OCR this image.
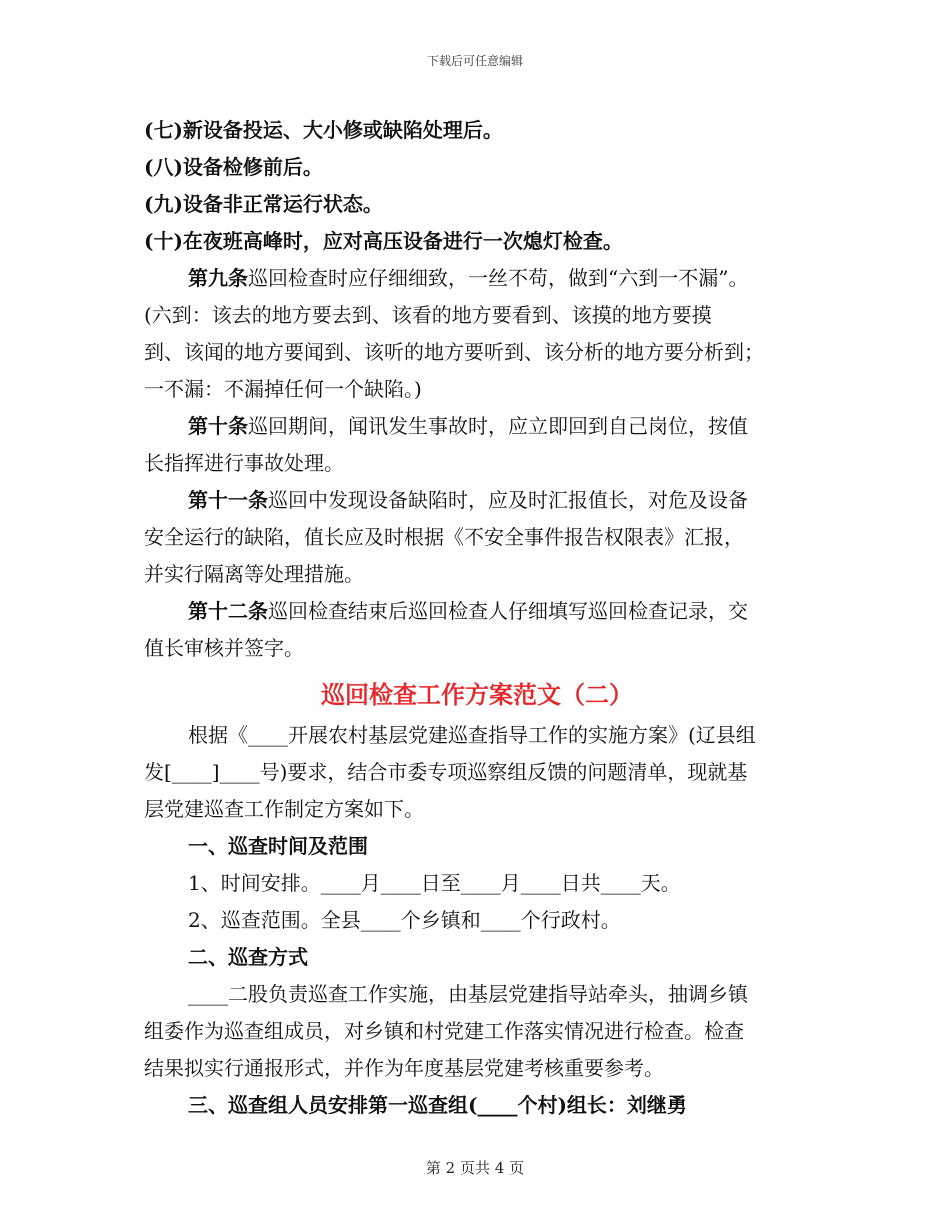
下载后可任意编辑
(七)新设备投运、大小修或缺陷处理后。
(八)设备检修前后。
(九)设备非正常运行状态。
(十)在夜班高峰时，应对高压设备进行一次熄灯检查。
第九条巡回检查时应仔细细致，一丝不苟，做到“六到一不漏”。
(六到：该去的地方要去到、该看的地方要看到、该摸的地方要摸
到、该闻的地方要闻到、该听的地方要听到、该分析的地方要分析到；
一不漏：不漏掉任何一个缺陷。)
第十条巡回期间，闻讯发生事故时，应立即回到自己岗位，按值
长指挥进行事故处理。
第十一条巡回中发现设备缺陷时，应及时汇报值长，对危及设备
安全运行的缺陷，值长应及时根据《不安全事件报告权限表》汇报，
并实行隔离等处理措施。
第十二条巡回检查结束后巡回检查人仔细填写巡回检查记录，交
值长审核并签字。
巡回检查工作方案范文（二）
根据《____开展农村基层党建巡查指导工作的实施方案》(辽县组
发[____]____号)要求，结合市委专项巡察组反馈的问题清单，现就基
层党建巡查工作制定方案如下。
一、巡查时间及范围
1、时间安排。____月____日至____月____日共____天。
2、巡查范围。全县____个乡镇和____个行政村。
二、巡查方式
____二股负责巡查工作实施，由基层党建指导站牵头，抽调乡镇
组委作为巡查组成员，对乡镇和村党建工作落实情况进行检查。检查
结果拟实行通报形式，并作为年度基层党建考核重要参考。
三、巡查组人员安排第一巡查组(____个村)组长：刘继勇
第 2 页共 4 页
